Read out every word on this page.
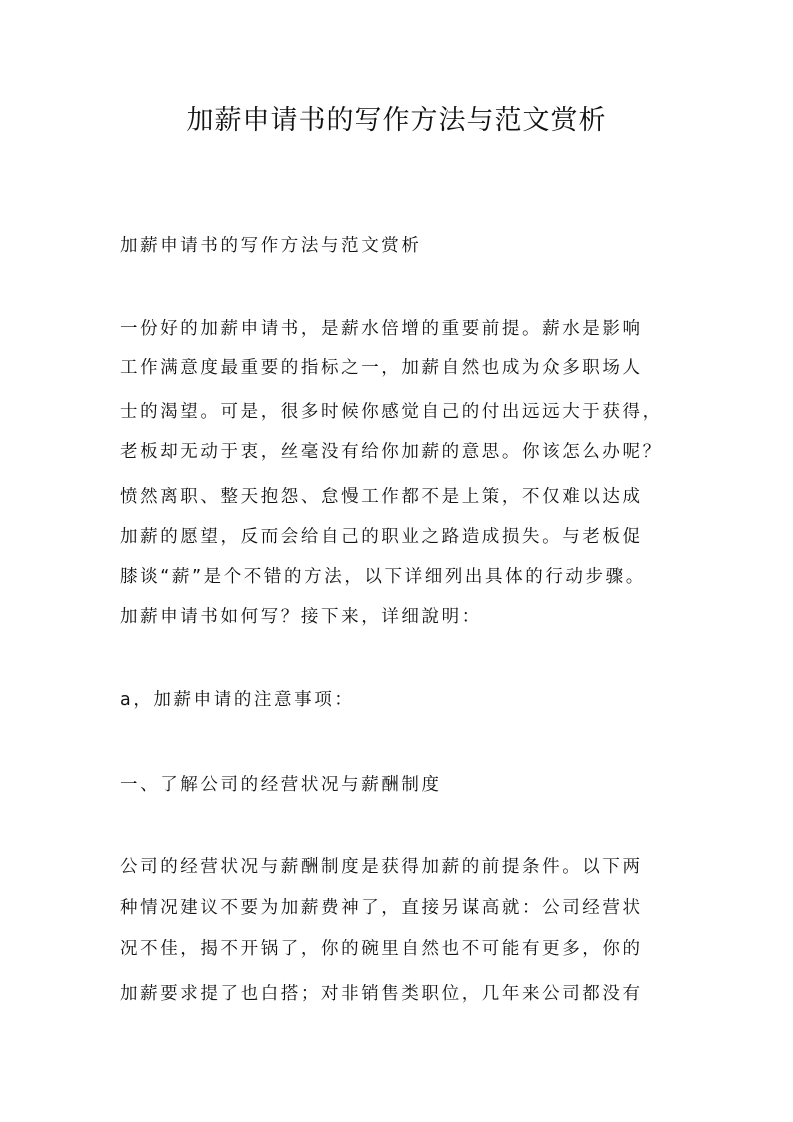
加薪申请书的写作方法与范文赏析

加薪申请书的写作方法与范文赏析

一份好的加薪申请书，是薪水倍增的重要前提。薪水是影响

工作满意度最重要的指标之一，加薪自然也成为众多职场人

士的渴望。可是，很多时候你感觉自己的付出远远大于获得，

老板却无动于衷，丝毫没有给你加薪的意思。你该怎么办呢？

愤然离职、整天抱怨、怠慢工作都不是上策，不仅难以达成

加薪的愿望，反而会给自己的职业之路造成损失。与老板促

膝谈“薪”是个不错的方法，以下详细列出具体的行动步骤。

加薪申请书如何写？接下来，详细說明：

a，加薪申请的注意事项：

一、了解公司的经营状况与薪酬制度

公司的经营状况与薪酬制度是获得加薪的前提条件。以下两

种情况建议不要为加薪费神了，直接另谋高就：公司经营状

况不佳，揭不开锅了，你的碗里自然也不可能有更多，你的

加薪要求提了也白搭；对非销售类职位，几年来公司都没有
